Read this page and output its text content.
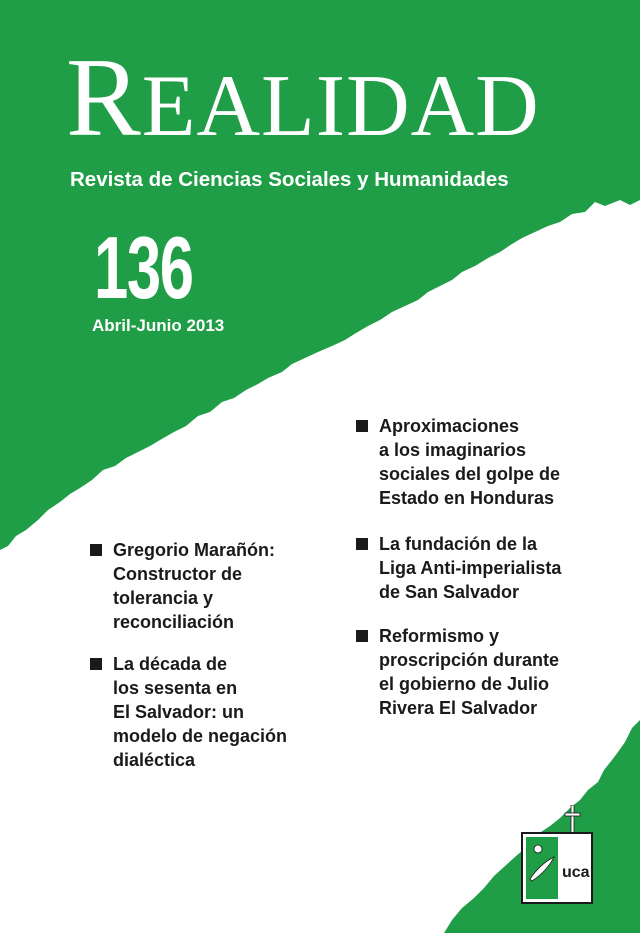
REALIDAD
Revista de Ciencias Sociales y Humanidades
136
Abril-Junio 2013
Aproximaciones
a los imaginarios
sociales del golpe de
Estado en Honduras
La fundación de la
Liga Anti-imperialista
de San Salvador
Reformismo y
proscripción durante
el gobierno de Julio
Rivera El Salvador
Gregorio Marañón:
Constructor de
tolerancia y
reconciliación
La década de
los sesenta en
El Salvador: un
modelo de negación
dialéctica
uca
